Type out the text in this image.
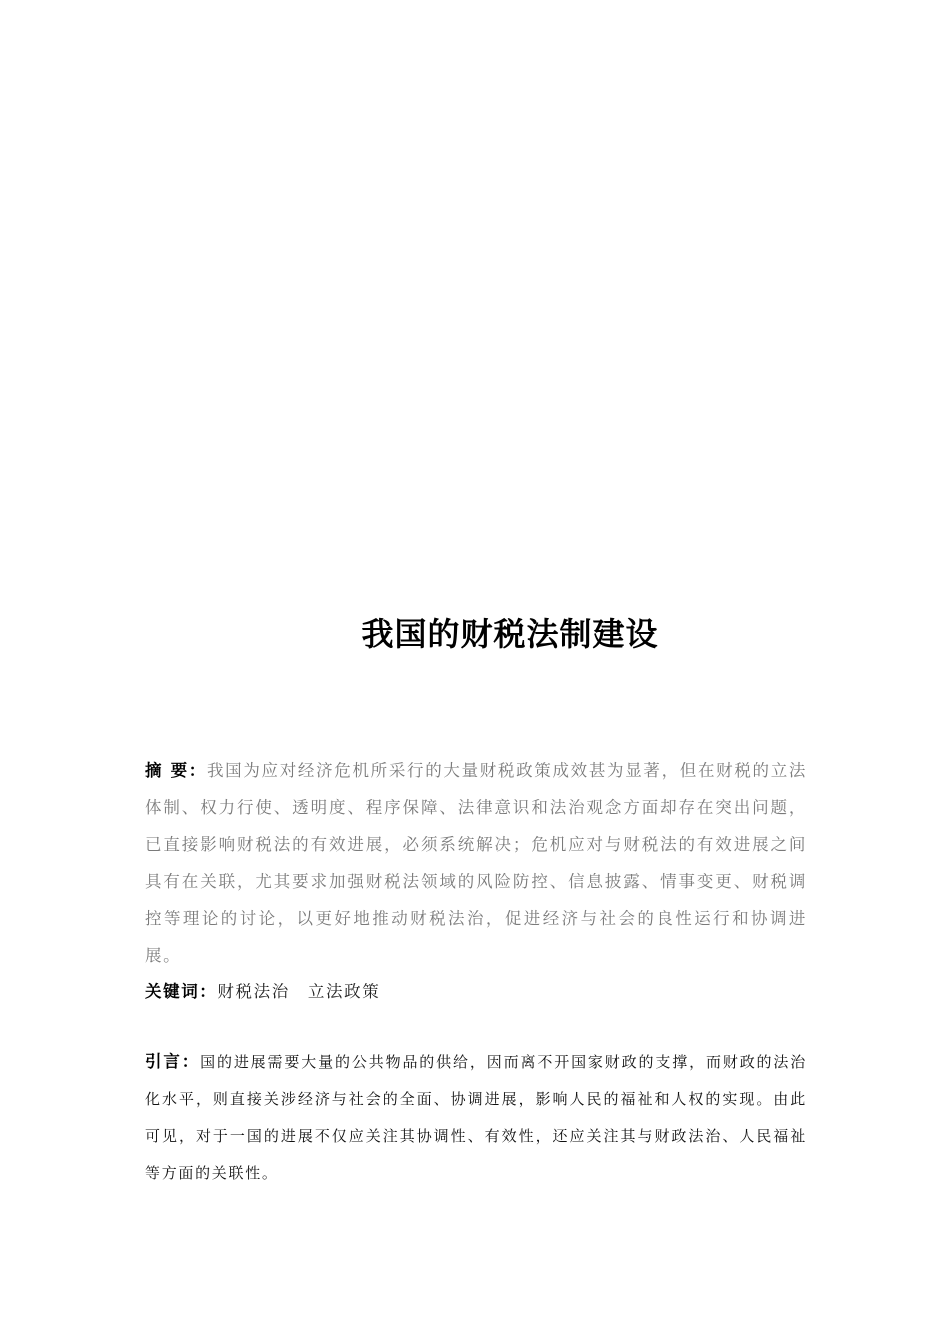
我国的财税法制建设
摘 要：我国为应对经济危机所采行的大量财税政策成效甚为显著，但在财税的立法体制、权力行使、透明度、程序保障、法律意识和法治观念方面却存在突出问题，已直接影响财税法的有效进展，必须系统解决；危机应对与财税法的有效进展之间具有在关联，尤其要求加强财税法领域的风险防控、信息披露、情事变更、财税调控等理论的讨论，以更好地推动财税法治，促进经济与社会的良性运行和协调进展。
关键词：财税法治　立法政策
引言：国的进展需要大量的公共物品的供给，因而离不开国家财政的支撑，而财政的法治化水平，则直接关涉经济与社会的全面、协调进展，影响人民的福祉和人权的实现。由此可见，对于一国的进展不仅应关注其协调性、有效性，还应关注其与财政法治、人民福祉等方面的关联性。
